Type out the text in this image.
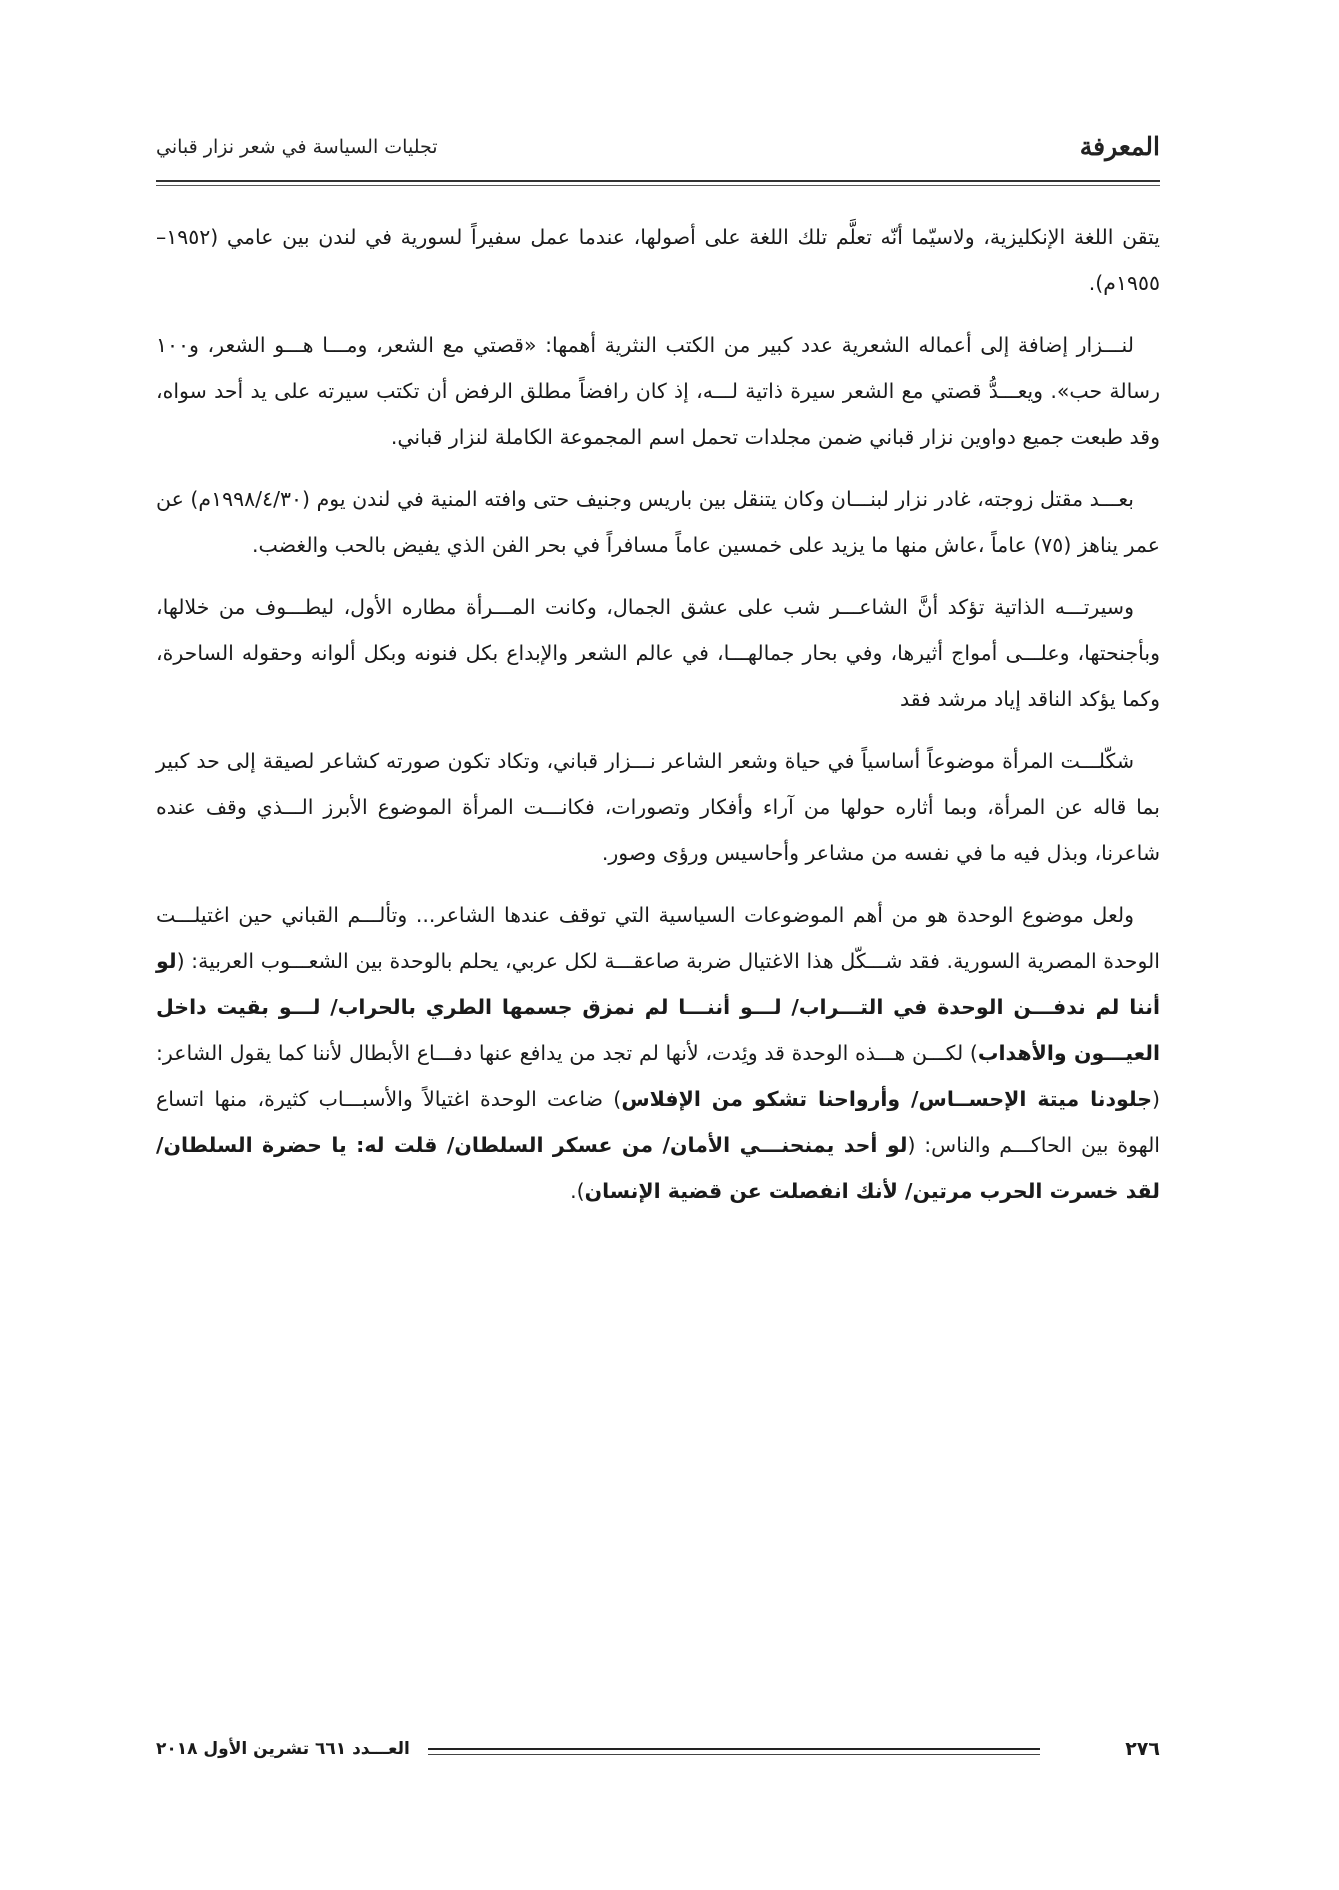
المعرفة
تجليات السياسة في شعر نزار قباني

يتقن اللغة الإنكليزية، ولاسيّما أنّه تعلَّم تلك اللغة على أصولها، عندما عمل سفيراً لسورية في لندن بين عامي (١٩٥٢– ١٩٥٥م).

لنـــزار إضافة إلى أعماله الشعرية عدد كبير من الكتب النثرية أهمها: «قصتي مع الشعر، ومـــا هـــو الشعر، و١٠٠ رسالة حب». ويعـــدُّ قصتي مع الشعر سيرة ذاتية لـــه، إذ كان رافضاً مطلق الرفض أن تكتب سيرته على يد أحد سواه، وقد طبعت جميع دواوين نزار قباني ضمن مجلدات تحمل اسم المجموعة الكاملة لنزار قباني.

بعـــد مقتل زوجته، غادر نزار لبنـــان وكان يتنقل بين باريس وجنيف حتى وافته المنية في لندن يوم (١٩٩٨/٤/٣٠م) عن عمر يناهز (٧٥) عاماً ،عاش منها ما يزيد على خمسين عاماً مسافراً في بحر الفن الذي يفيض بالحب والغضب.

وسيرتـــه الذاتية تؤكد أنَّ الشاعـــر شب على عشق الجمال، وكانت المـــرأة مطاره الأول، ليطـــوف من خلالها، وبأجنحتها، وعلـــى أمواج أثيرها، وفي بحار جمالهـــا، في عالم الشعر والإبداع بكل فنونه وبكل ألوانه وحقوله الساحرة، وكما يؤكد الناقد إياد مرشد فقد

شكّلـــت المرأة موضوعاً أساسياً في حياة وشعر الشاعر نـــزار قباني، وتكاد تكون صورته كشاعر لصيقة إلى حد كبير بما قاله عن المرأة، وبما أثاره حولها من آراء وأفكار وتصورات، فكانـــت المرأة الموضوع الأبرز الـــذي وقف عنده شاعرنا، وبذل فيه ما في نفسه من مشاعر وأحاسيس ورؤى وصور.

ولعل موضوع الوحدة هو من أهم الموضوعات السياسية التي توقف عندها الشاعر... وتألـــم القباني حين اغتيلـــت الوحدة المصرية السورية. فقد شـــكّل هذا الاغتيال ضربة صاعقـــة لكل عربي، يحلم بالوحدة بين الشعـــوب العربية: (لو أننا لم ندفـــن الوحدة في التـــراب/ لـــو أننـــا لم نمزق جسمها الطري بالحراب/ لـــو بقيت داخل العيـــون والأهداب) لكـــن هـــذه الوحدة قد وئِدت، لأنها لم تجد من يدافع عنها دفـــاع الأبطال لأننا كما يقول الشاعر: (جلودنا ميتة الإحســاس/ وأرواحنا تشكو من الإفلاس) ضاعت الوحدة اغتيالاً والأسبـــاب كثيرة، منها اتساع الهوة بين الحاكـــم والناس: (لو أحد يمنحنـــي الأمان/ من عسكر السلطان/ قلت له: يا حضرة السلطان/ لقد خسرت الحرب مرتين/ لأنك انفصلت عن قضية الإنسان).

٢٧٦
العـــدد ٦٦١ تشرين الأول ٢٠١٨
